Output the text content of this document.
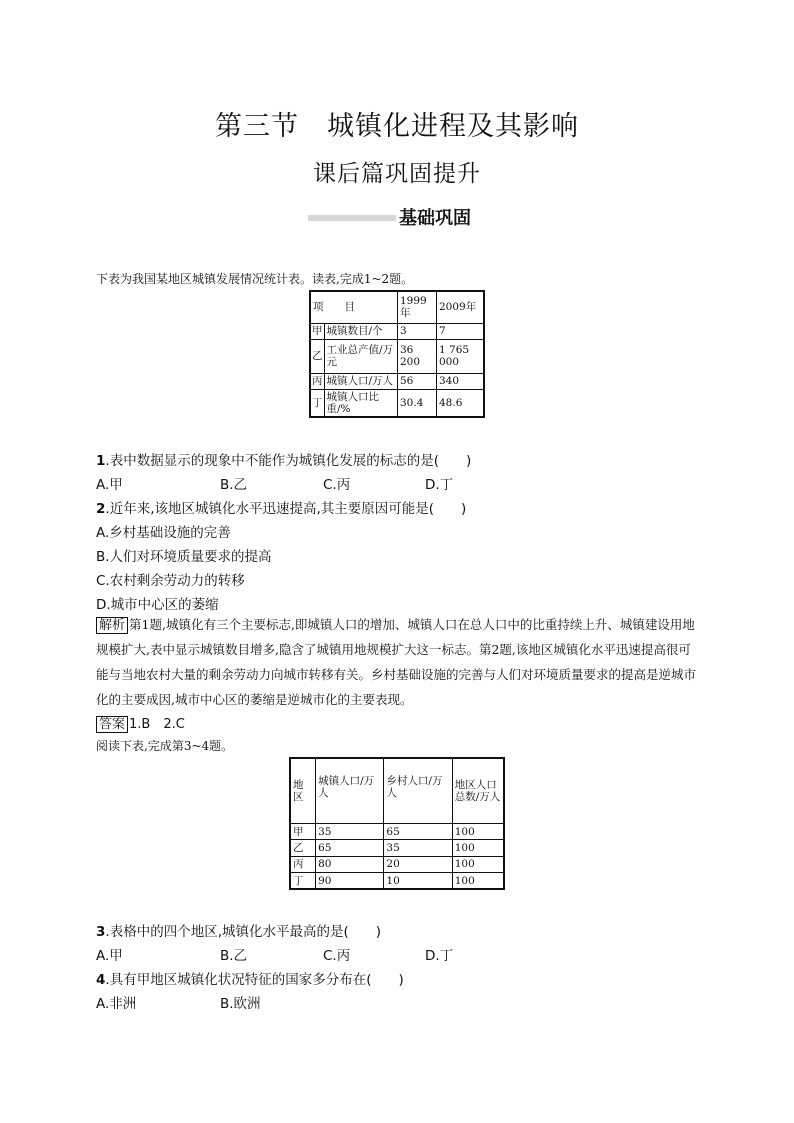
第三节　城镇化进程及其影响
课后篇巩固提升
基础巩固
下表为我国某地区城镇发展情况统计表。读表,完成1~2题。
项　　目		1999年	2009年
甲	城镇数目/个	3	7
乙	工业总产值/万元	36 200	1 765 000
丙	城镇人口/万人	56	340
丁	城镇人口比重/%	30.4	48.6
1.表中数据显示的现象中不能作为城镇化发展的标志的是(　　)
A.甲	B.乙	C.丙	D.丁
2.近年来,该地区城镇化水平迅速提高,其主要原因可能是(　　)
A.乡村基础设施的完善
B.人们对环境质量要求的提高
C.农村剩余劳动力的转移
D.城市中心区的萎缩
解析 第1题,城镇化有三个主要标志,即城镇人口的增加、城镇人口在总人口中的比重持续上升、城镇建设用地规模扩大,表中显示城镇数目增多,隐含了城镇用地规模扩大这一标志。第2题,该地区城镇化水平迅速提高很可能与当地农村大量的剩余劳动力向城市转移有关。乡村基础设施的完善与人们对环境质量要求的提高是逆城市化的主要成因,城市中心区的萎缩是逆城市化的主要表现。
答案 1.B　2.C
阅读下表,完成第3~4题。
地区	城镇人口/万人	乡村人口/万人	地区人口总数/万人
甲	35	65	100
乙	65	35	100
丙	80	20	100
丁	90	10	100
3.表格中的四个地区,城镇化水平最高的是(　　)
A.甲	B.乙	C.丙	D.丁
4.具有甲地区城镇化状况特征的国家多分布在(　　)
A.非洲	B.欧洲
